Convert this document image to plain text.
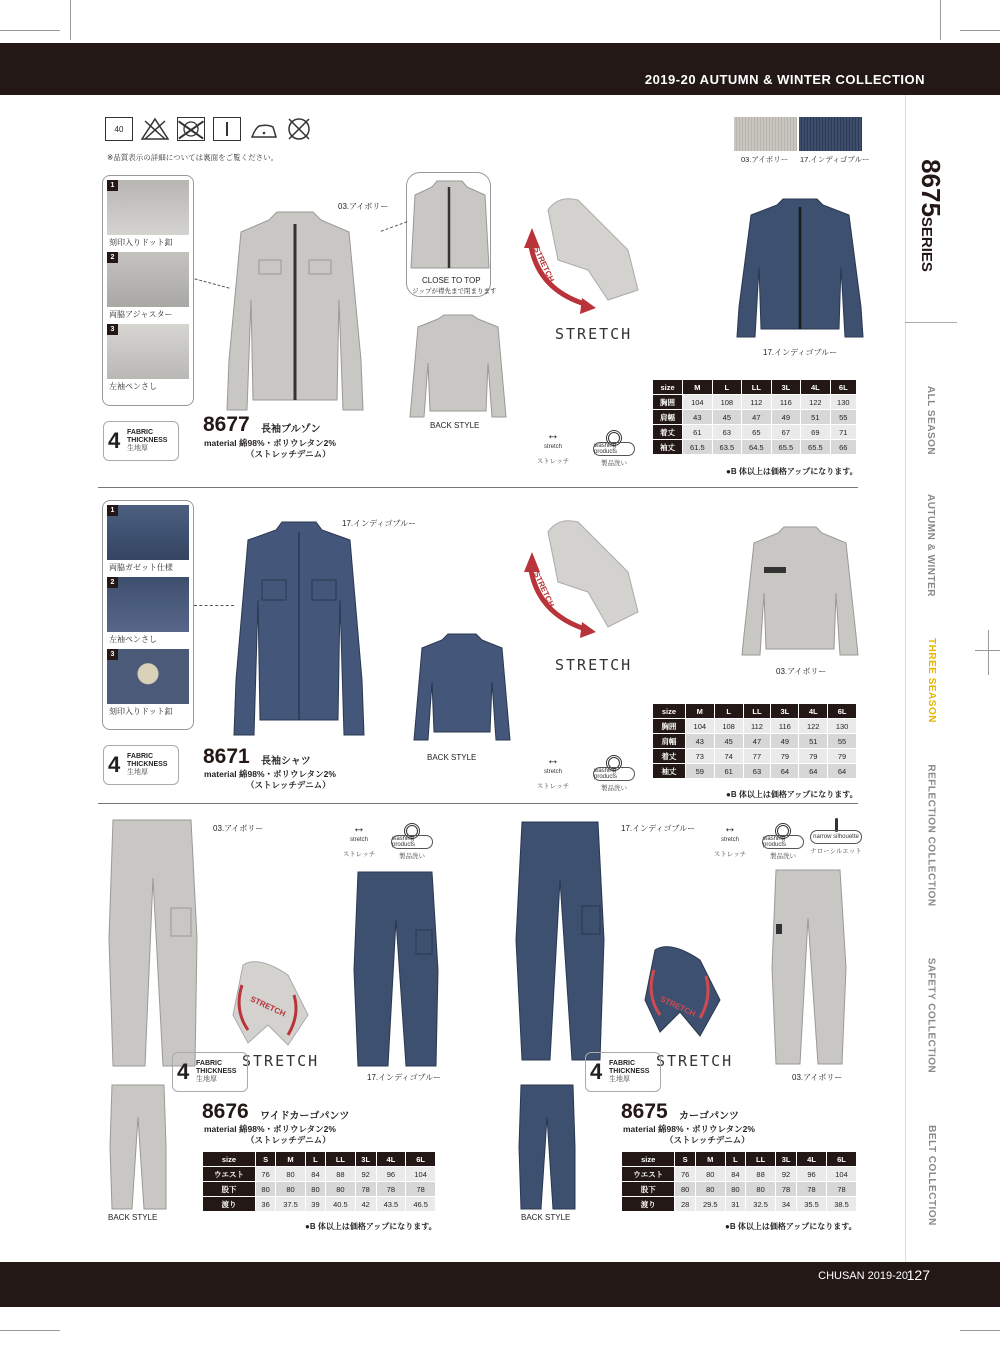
2019-20 AUTUMN & WINTER COLLECTION
8675SERIES
ALL SEASON
AUTUMN & WINTER
THREE SEASON
REFLECTION COLLECTION
SAFETY COLLECTION
BELT COLLECTION
40
※品質表示の詳細については裏面をご覧ください。	03.アイボリー 17.インディゴブルー
1
刻印入りドット釦
2
両脇アジャスター
3
左袖ペンさし
03.アイボリー
CLOSE TO TOP
ジップが襟先まで閉まります
BACK STYLE
STRETCH
STRETCH
17.インディゴブルー
4 FABRIC
THICKNESS
生地厚
8677 長袖ブルゾン
material 綿98%・ポリウレタン2%
（ストレッチデニム）
↔
stretch
ストレッチ
washing products
製品洗い
size	M	L	LL	3L	4L	6L
胸囲	104	108	112	116	122	130
肩幅	43	45	47	49	51	55
着丈	61	63	65	67	69	71
袖丈	61.5	63.5	64.5	65.5	65.5	66
●B 体以上は価格アップになります。
1
両脇ガゼット仕様
2
左袖ペンさし
3
刻印入りドット釦
17.インディゴブルー
BACK STYLE
STRETCH
STRETCH	03.アイボリー
4 FABRIC
THICKNESS
生地厚
8671 長袖シャツ
material 綿98%・ポリウレタン2%
（ストレッチデニム）
↔
stretch
ストレッチ
washing products
製品洗い
size	M	L	LL	3L	4L	6L
胸囲	104	108	112	116	122	130
肩幅	43	45	47	49	51	55
着丈	73	74	77	79	79	79
袖丈	59	61	63	64	64	64
●B 体以上は価格アップになります。
03.アイボリー
STRETCH
STRETCH
↔
stretch
ストレッチ
washing products
製品洗い
17.インディゴブルー
4 FABRIC
THICKNESS
生地厚
BACK STYLE
8676 ワイドカーゴパンツ
material 綿98%・ポリウレタン2%
（ストレッチデニム）
size	S	M	L	LL	3L	4L	6L
ウエスト	76	80	84	88	92	96	104
股下	80	80	80	80	78	78	78
渡り	36	37.5	39	40.5	42	43.5	46.5
●B 体以上は価格アップになります。
17.インディゴブルー ↔
stretch
ストレッチ
washing products
製品洗い
narrow silhouette
ナローシルエット
STRETCH
STRETCH
03.アイボリー
4 FABRIC
THICKNESS
生地厚
BACK STYLE
8675 カーゴパンツ
material 綿98%・ポリウレタン2%
（ストレッチデニム）
size	S	M	L	LL	3L	4L	6L
ウエスト	76	80	84	88	92	96	104
股下	80	80	80	80	78	78	78
渡り	28	29.5	31	32.5	34	35.5	38.5
●B 体以上は価格アップになります。
CHUSAN 2019-20
127
